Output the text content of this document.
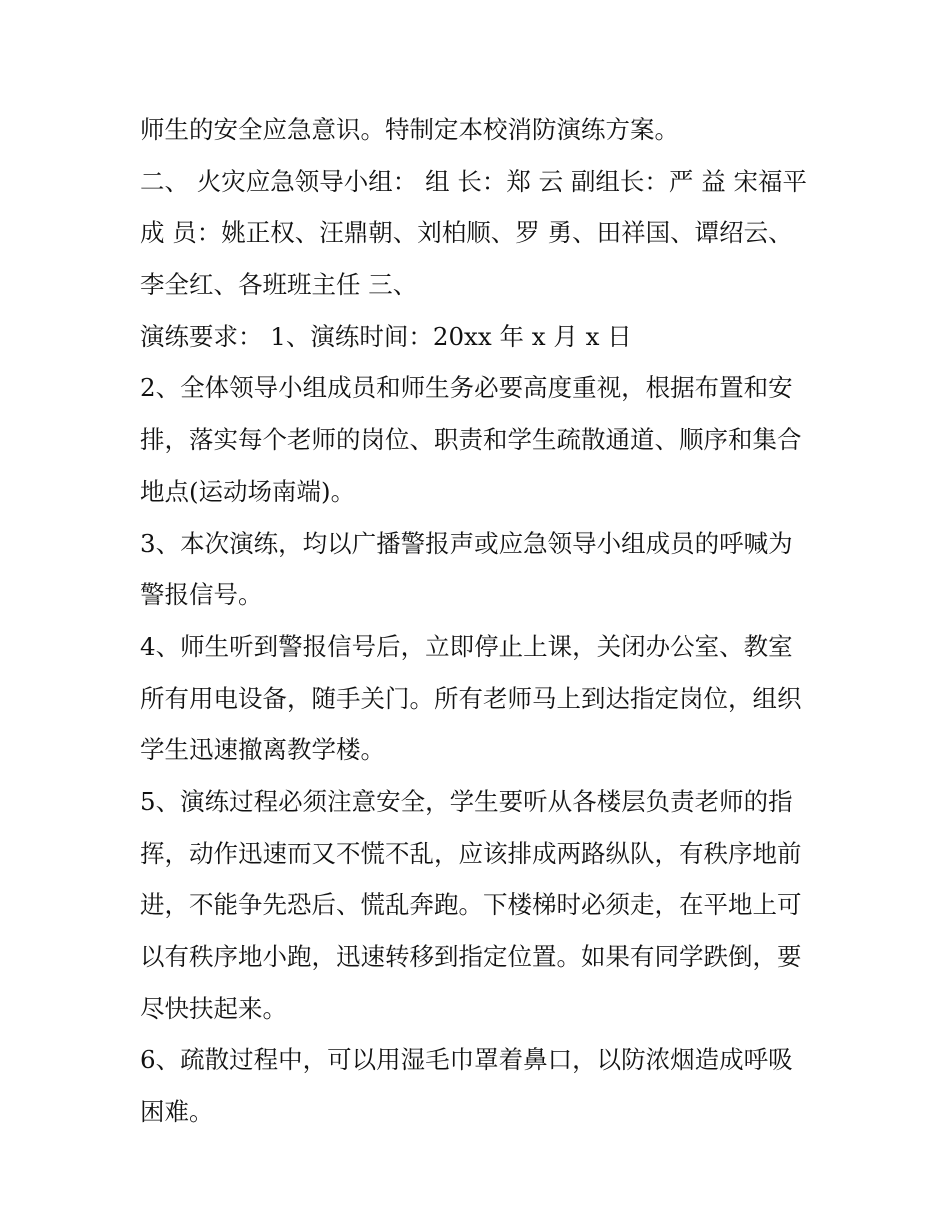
师生的安全应急意识。特制定本校消防演练方案。
二、 火灾应急领导小组： 组 长：郑 云 副组长：严 益 宋福平
成 员：姚正权、汪鼎朝、刘柏顺、罗 勇、田祥国、谭绍云、
李全红、各班班主任 三、
演练要求： 1、演练时间：20xx 年 x 月 x 日
2、全体领导小组成员和师生务必要高度重视，根据布置和安
排，落实每个老师的岗位、职责和学生疏散通道、顺序和集合
地点(运动场南端)。
3、本次演练，均以广播警报声或应急领导小组成员的呼喊为
警报信号。
4、师生听到警报信号后，立即停止上课，关闭办公室、教室
所有用电设备，随手关门。所有老师马上到达指定岗位，组织
学生迅速撤离教学楼。
5、演练过程必须注意安全，学生要听从各楼层负责老师的指
挥，动作迅速而又不慌不乱，应该排成两路纵队，有秩序地前
进，不能争先恐后、慌乱奔跑。下楼梯时必须走，在平地上可
以有秩序地小跑，迅速转移到指定位置。如果有同学跌倒，要
尽快扶起来。
6、疏散过程中，可以用湿毛巾罩着鼻口，以防浓烟造成呼吸
困难。
